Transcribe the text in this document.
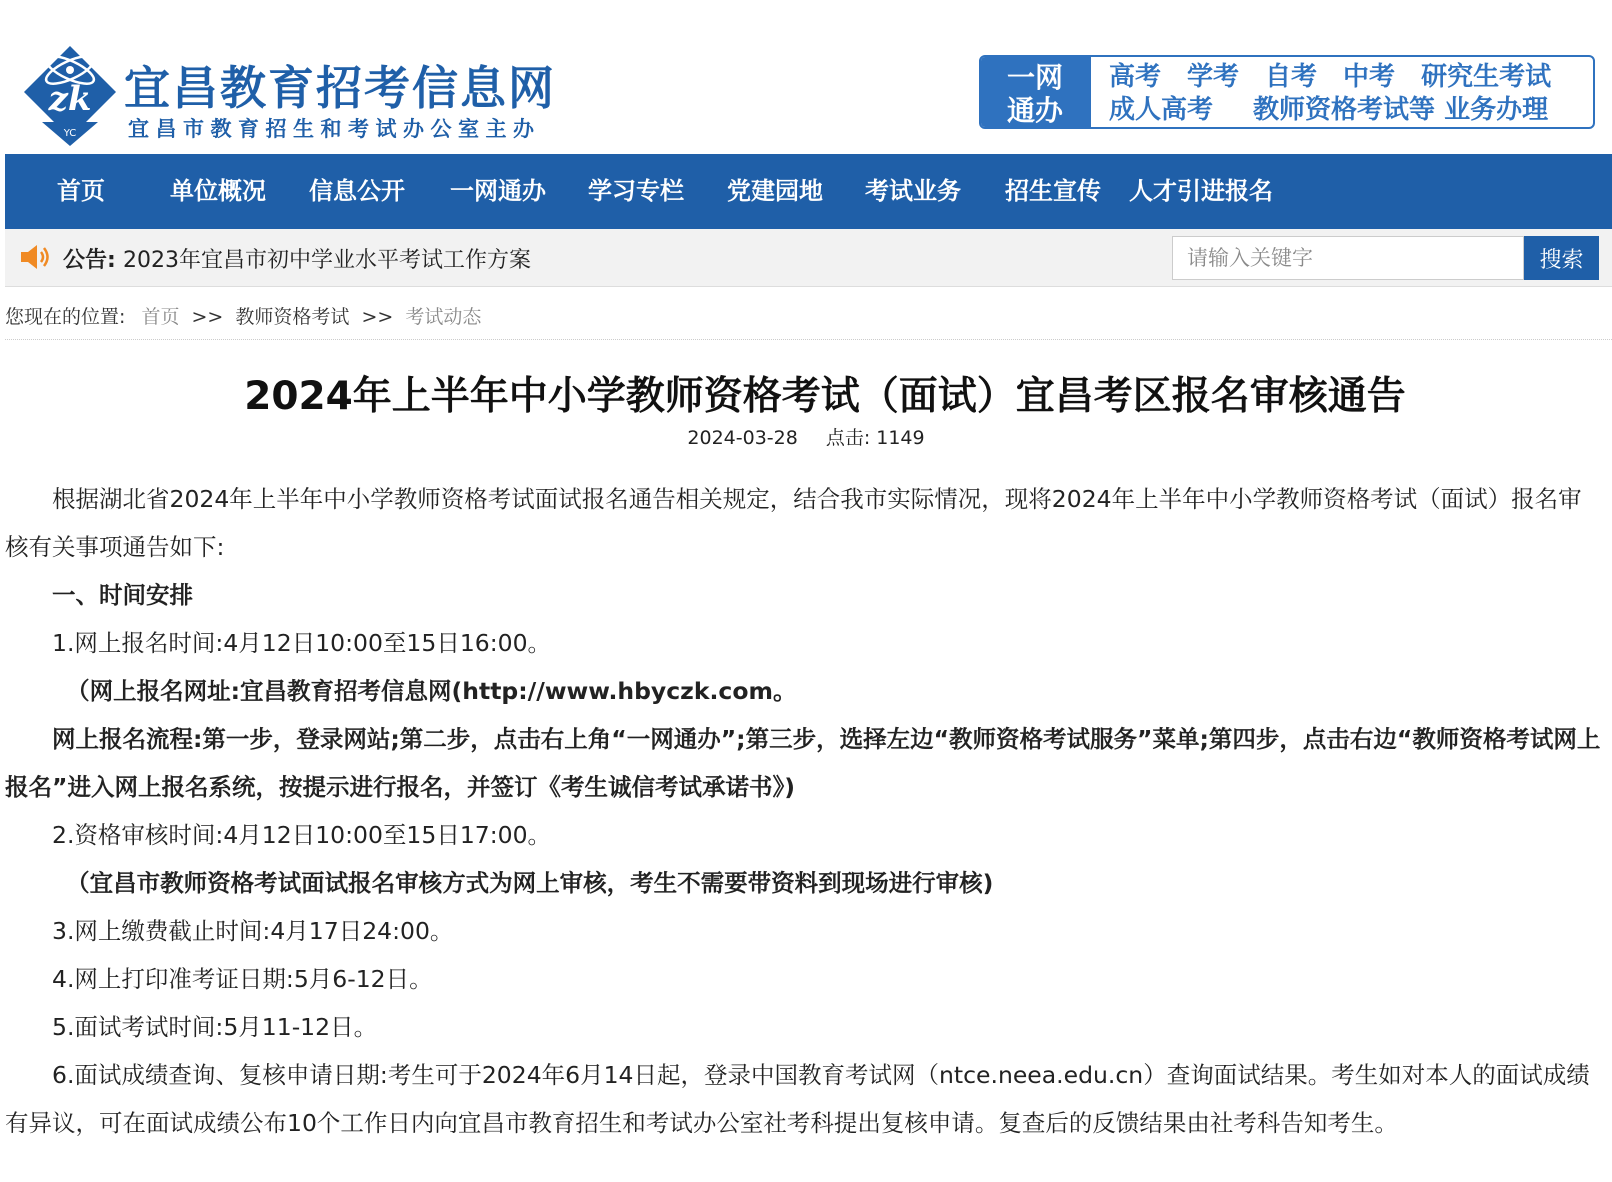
zk
YC
宜昌教育招考信息网
宜昌市教育招生和考试办公室主办
一网
通办
高考 学考 自考 中考 研究生考试
成人高考 教师资格考试等 业务办理
首页	单位概况 信息公开 一网通办 学习专栏 党建园地 考试业务 招生宣传 人才引进报名
公告: 2023年宜昌市初中学业水平考试工作方案
请输入关键字	搜索
您现在的位置: 首页 >> 教师资格考试 >> 考试动态
2024年上半年中小学教师资格考试（面试）宜昌考区报名审核通告
2024-03-28 点击: 1149

根据湖北省2024年上半年中小学教师资格考试面试报名通告相关规定，结合我市实际情况，现将2024年上半年中小学教师资格考试（面试）报名审核有关事项通告如下:

一、时间安排

1.网上报名时间:4月12日10:00至15日16:00。

（网上报名网址:宜昌教育招考信息网(http://www.hbyczk.com。

网上报名流程:第一步，登录网站;第二步，点击右上角“一网通办”;第三步，选择左边“教师资格考试服务”菜单;第四步，点击右边“教师资格考试网上报名”进入网上报名系统，按提示进行报名，并签订《考生诚信考试承诺书》)

2.资格审核时间:4月12日10:00至15日17:00。

（宜昌市教师资格考试面试报名审核方式为网上审核，考生不需要带资料到现场进行审核)

3.网上缴费截止时间:4月17日24:00。

4.网上打印准考证日期:5月6-12日。

5.面试考试时间:5月11-12日。

6.面试成绩查询、复核申请日期:考生可于2024年6月14日起，登录中国教育考试网（ntce.neea.edu.cn）查询面试结果。考生如对本人的面试成绩有异议，可在面试成绩公布10个工作日内向宜昌市教育招生和考试办公室社考科提出复核申请。复查后的反馈结果由社考科告知考生。
